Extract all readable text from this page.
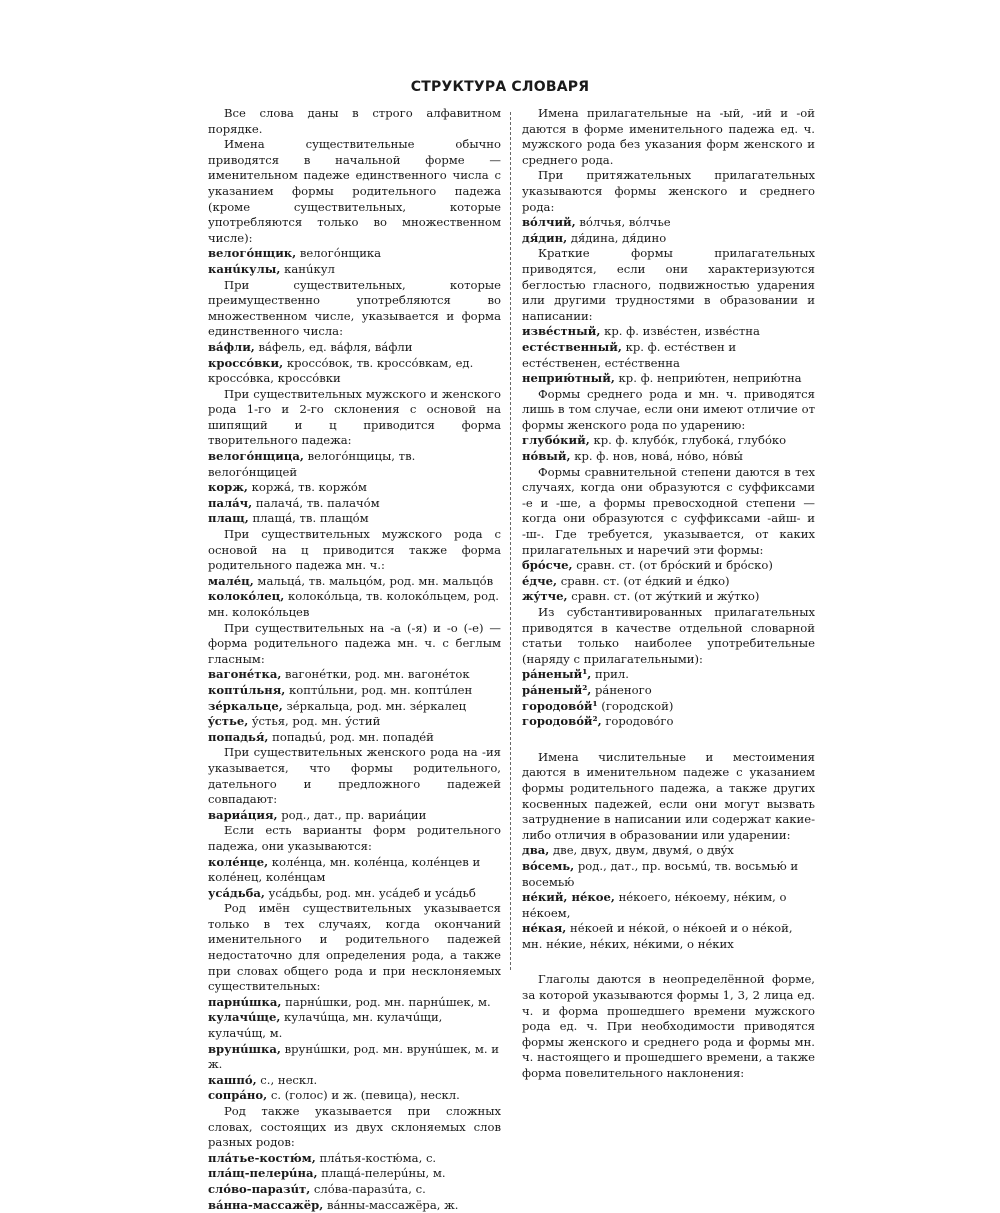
СТРУКТУРА СЛОВАРЯ
Все слова даны в строго алфавитном порядке.
Имена существительные обычно приводятся в начальной форме — именительном падеже единственного числа с указанием формы родительного падежа (кроме существительных, которые употребляются только во множественном числе):
велогóнщик, велогóнщика
канúкулы, канúкул
При существительных, которые преимущественно употребляются во множественном числе, указывается и форма единственного числа:
вáфли, вáфель, ед. вáфля, вáфли
кроссóвки, кроссóвок, тв. кроссóвкам, ед. кроссóвка, кроссóвки
При существительных мужского и женского рода 1-го и 2-го склонения с основой на шипящий и ц приводится форма творительного падежа:
велогóнщица, велогóнщицы, тв. велогóнщицей
корж, коржá, тв. коржóм
палáч, палачá, тв. палачóм
плащ, плащá, тв. плащóм
При существительных мужского рода с основой на ц приводится также форма родительного падежа мн. ч.:
малéц, мальцá, тв. мальцóм, род. мн. мальцóв
колокóлец, колокóльца, тв. колокóльцем, род. мн. колокóльцев
При существительных на -а (-я) и -о (-е) — форма родительного падежа мн. ч. с беглым гласным:
вагонéтка, вагонéтки, род. мн. вагонéток
коптúльня, коптúльни, род. мн. коптúлен
зéркальце, зéркальца, род. мн. зéркалец
ýстье, ýстья, род. мн. ýстий
попадья́, попадьú, род. мн. попадéй
При существительных женского рода на -ия указывается, что формы родительного, дательного и предложного падежей совпадают:
вариáция, род., дат., пр. вариáции
Если есть варианты форм родительного падежа, они указываются:
колéнце, колéнца, мн. колéнца, колéнцев и колéнец, колéнцам
усáдьба, усáдьбы, род. мн. усáдеб и усáдьб
Род имён существительных указывается только в тех случаях, когда окончаний именительного и родительного падежей недостаточно для определения рода, а также при словах общего рода и при несклоняемых существительных:
парнúшка, парнúшки, род. мн. парнúшек, м.
кулачúще, кулачúща, мн. кулачúщи, кулачúщ, м.
врунúшка, врунúшки, род. мн. врунúшек, м. и ж.
кашпó, с., нескл.
сопрáно, с. (голос) и ж. (певица), нескл.
Род также указывается при сложных словах, состоящих из двух склоняемых слов разных родов:
плáтье-костю́м, плáтья-костю́ма, с.
плáщ-пелерúна, плащá-пелерúны, м.
слóво-паразúт, слóва-паразúта, с.
вáнна-массажёр, вáнны-массажёра, ж.
Имена прилагательные на -ый, -ий и -ой даются в форме именительного падежа ед. ч. мужского рода без указания форм женского и среднего рода.
При притяжательных прилагательных указываются формы женского и среднего рода:
вóлчий, вóлчья, вóлчье
дя́дин, дя́дина, дя́дино
Краткие формы прилагательных приводятся, если они характеризуются беглостью гласного, подвижностью ударения или другими трудностями в образовании и написании:
извéстный, кр. ф. извéстен, извéстна
естéственный, кр. ф. естéствен и естéственен, естéственна
неприю́тный, кр. ф. неприю́тен, неприю́тна
Формы среднего рода и мн. ч. приводятся лишь в том случае, если они имеют отличие от формы женского рода по ударению:
глубóкий, кр. ф. клубóк, глубокá, глубóко
нóвый, кр. ф. нов, новá, нóво, нóвы́
Формы сравнительной степени даются в тех случаях, когда они образуются с суффиксами -е и -ше, а формы превосходной степени — когда они образуются с суффиксами -айш- и -ш-. Где требуется, указывается, от каких прилагательных и наречий эти формы:
брóсче, сравн. ст. (от брóский и брóско)
éдче, сравн. ст. (от éдкий и éдко)
жýтче, сравн. ст. (от жýткий и жýтко)
Из субстантивированных прилагательных приводятся в качестве отдельной словарной статьи только наиболее употребительные (наряду с прилагательными):
рáненый¹, прил.
рáненый², рáненого
городовóй¹ (городской)
городовóй², городовóго
Имена числительные и местоимения даются в именительном падеже с указанием формы родительного падежа, а также других косвенных падежей, если они могут вызвать затруднение в написании или содержат какие-либо отличия в образовании или ударении:
два, две, двух, двум, двумя́, о двýх
вóсемь, род., дат., пр. восьмú, тв. восьмью́ и восемью́
нéкий, нéкое, нéкоего, нéкоему, нéким, о нéкоем,
нéкая, нéкоей и нéкой, о нéкоей и о нéкой, мн. нéкие, нéких, нéкими, о нéких
Глаголы даются в неопределённой форме, за которой указываются формы 1, 3, 2 лица ед. ч. и форма прошедшего времени мужского рода ед. ч. При необходимости приводятся формы женского и среднего рода и формы мн. ч. настоящего и прошедшего времени, а также форма повелительного наклонения:
